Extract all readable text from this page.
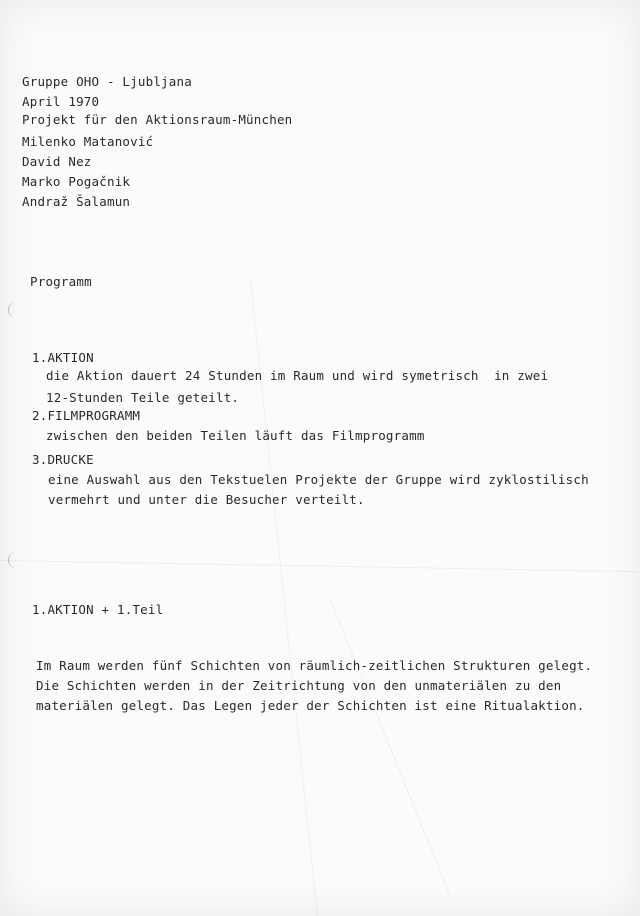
Gruppe OHO - Ljubljana

April 1970

Projekt für den Aktionsraum-München

Milenko Matanović

David Nez

Marko Pogačnik

Andraž Šalamun

Programm

1.AKTION

die Aktion dauert 24 Stunden im Raum und wird symetrisch  in zwei

12-Stunden Teile geteilt.

2.FILMPROGRAMM

zwischen den beiden Teilen läuft das Filmprogramm

3.DRUCKE

eine Auswahl aus den Tekstuelen Projekte der Gruppe wird zyklostilisch

vermehrt und unter die Besucher verteilt.

1.AKTION + 1.Teil

Im Raum werden fünf Schichten von räumlich-zeitlichen Strukturen gelegt.

Die Schichten werden in der Zeitrichtung von den unmateriälen zu den

materiälen gelegt. Das Legen jeder der Schichten ist eine Ritualaktion.
